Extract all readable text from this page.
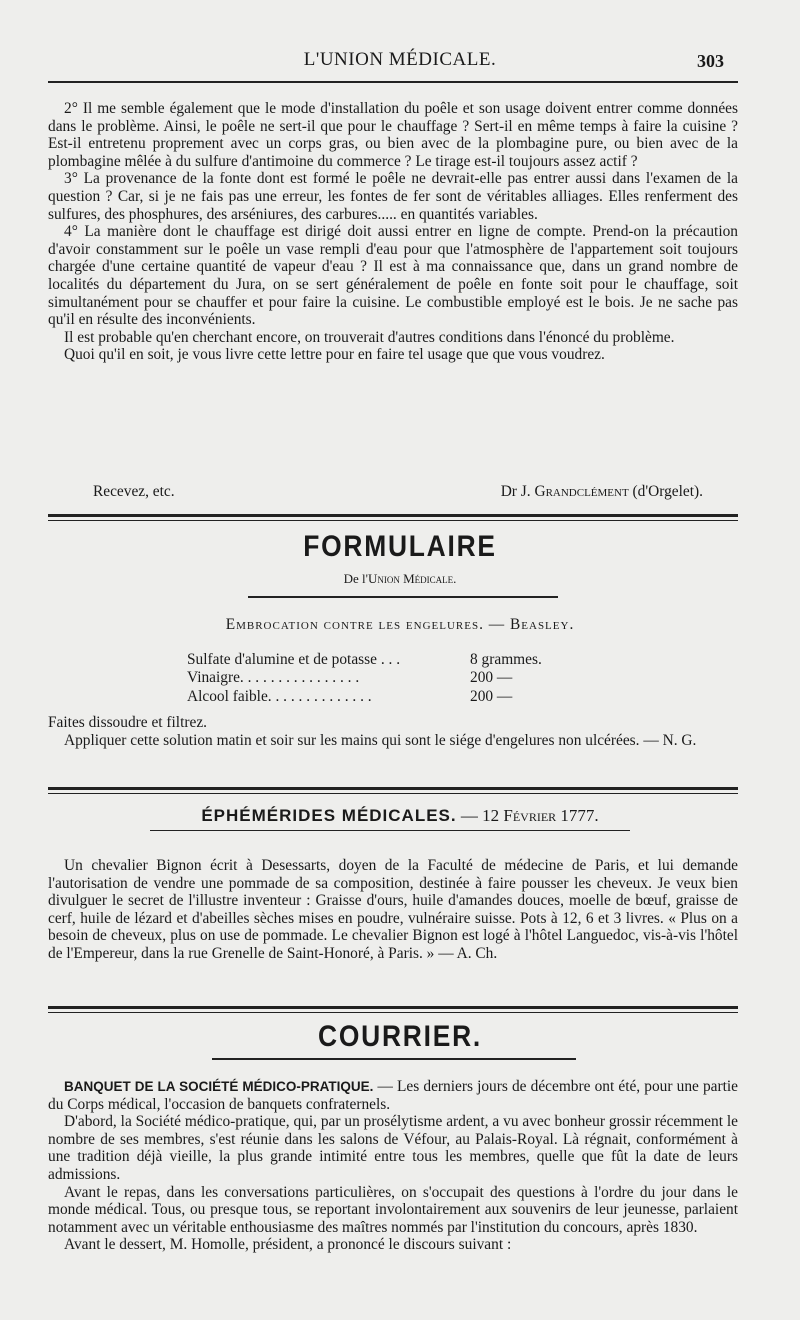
L'UNION MÉDICALE.	303

2° Il me semble également que le mode d'installation du poêle et son usage doivent entrer comme données dans le problème. Ainsi, le poêle ne sert-il que pour le chauffage ? Sert-il en même temps à faire la cuisine ? Est-il entretenu proprement avec un corps gras, ou bien avec de la plombagine pure, ou bien avec de la plombagine mêlée à du sulfure d'antimoine du commerce ? Le tirage est-il toujours assez actif ?

3° La provenance de la fonte dont est formé le poêle ne devrait-elle pas entrer aussi dans l'examen de la question ? Car, si je ne fais pas une erreur, les fontes de fer sont de véritables alliages. Elles renferment des sulfures, des phosphures, des arséniures, des carbures..... en quantités variables.

4° La manière dont le chauffage est dirigé doit aussi entrer en ligne de compte. Prend-on la précaution d'avoir constamment sur le poêle un vase rempli d'eau pour que l'atmosphère de l'appartement soit toujours chargée d'une certaine quantité de vapeur d'eau ? Il est à ma connaissance que, dans un grand nombre de localités du département du Jura, on se sert généralement de poêle en fonte soit pour le chauffage, soit simultanément pour se chauffer et pour faire la cuisine. Le combustible employé est le bois. Je ne sache pas qu'il en résulte des inconvénients.

Il est probable qu'en cherchant encore, on trouverait d'autres conditions dans l'énoncé du problème.

Quoi qu'il en soit, je vous livre cette lettre pour en faire tel usage que que vous voudrez.

Recevez, etc.	Dr J. Grandclément (d'Orgelet).
FORMULAIRE
De l'Union Médicale.
Embrocation contre les engelures. — Beasley.
Sulfate d'alumine et de potasse . . .	8 grammes.
Vinaigre. . . . . . . . . . . . . . . .	200 —
Alcool faible. . . . . . . . . . . . . .	200 —

Faites dissoudre et filtrez.

Appliquer cette solution matin et soir sur les mains qui sont le siége d'engelures non ulcérées. — N. G.

ÉPHÉMÉRIDES MÉDICALES. — 12 Février 1777.

Un chevalier Bignon écrit à Desessarts, doyen de la Faculté de médecine de Paris, et lui demande l'autorisation de vendre une pommade de sa composition, destinée à faire pousser les cheveux. Je veux bien divulguer le secret de l'illustre inventeur : Graisse d'ours, huile d'amandes douces, moelle de bœuf, graisse de cerf, huile de lézard et d'abeilles sèches mises en poudre, vulnéraire suisse. Pots à 12, 6 et 3 livres. « Plus on a besoin de cheveux, plus on use de pommade. Le chevalier Bignon est logé à l'hôtel Languedoc, vis-à-vis l'hôtel de l'Empereur, dans la rue Grenelle de Saint-Honoré, à Paris. » — A. Ch.

COURRIER.

BANQUET DE LA SOCIÉTÉ MÉDICO-PRATIQUE. — Les derniers jours de décembre ont été, pour une partie du Corps médical, l'occasion de banquets confraternels.

D'abord, la Société médico-pratique, qui, par un prosélytisme ardent, a vu avec bonheur grossir récemment le nombre de ses membres, s'est réunie dans les salons de Véfour, au Palais-Royal. Là régnait, conformément à une tradition déjà vieille, la plus grande intimité entre tous les membres, quelle que fût la date de leurs admissions.

Avant le repas, dans les conversations particulières, on s'occupait des questions à l'ordre du jour dans le monde médical. Tous, ou presque tous, se reportant involontairement aux souvenirs de leur jeunesse, parlaient notamment avec un véritable enthousiasme des maîtres nommés par l'institution du concours, après 1830.

Avant le dessert, M. Homolle, président, a prononcé le discours suivant :
